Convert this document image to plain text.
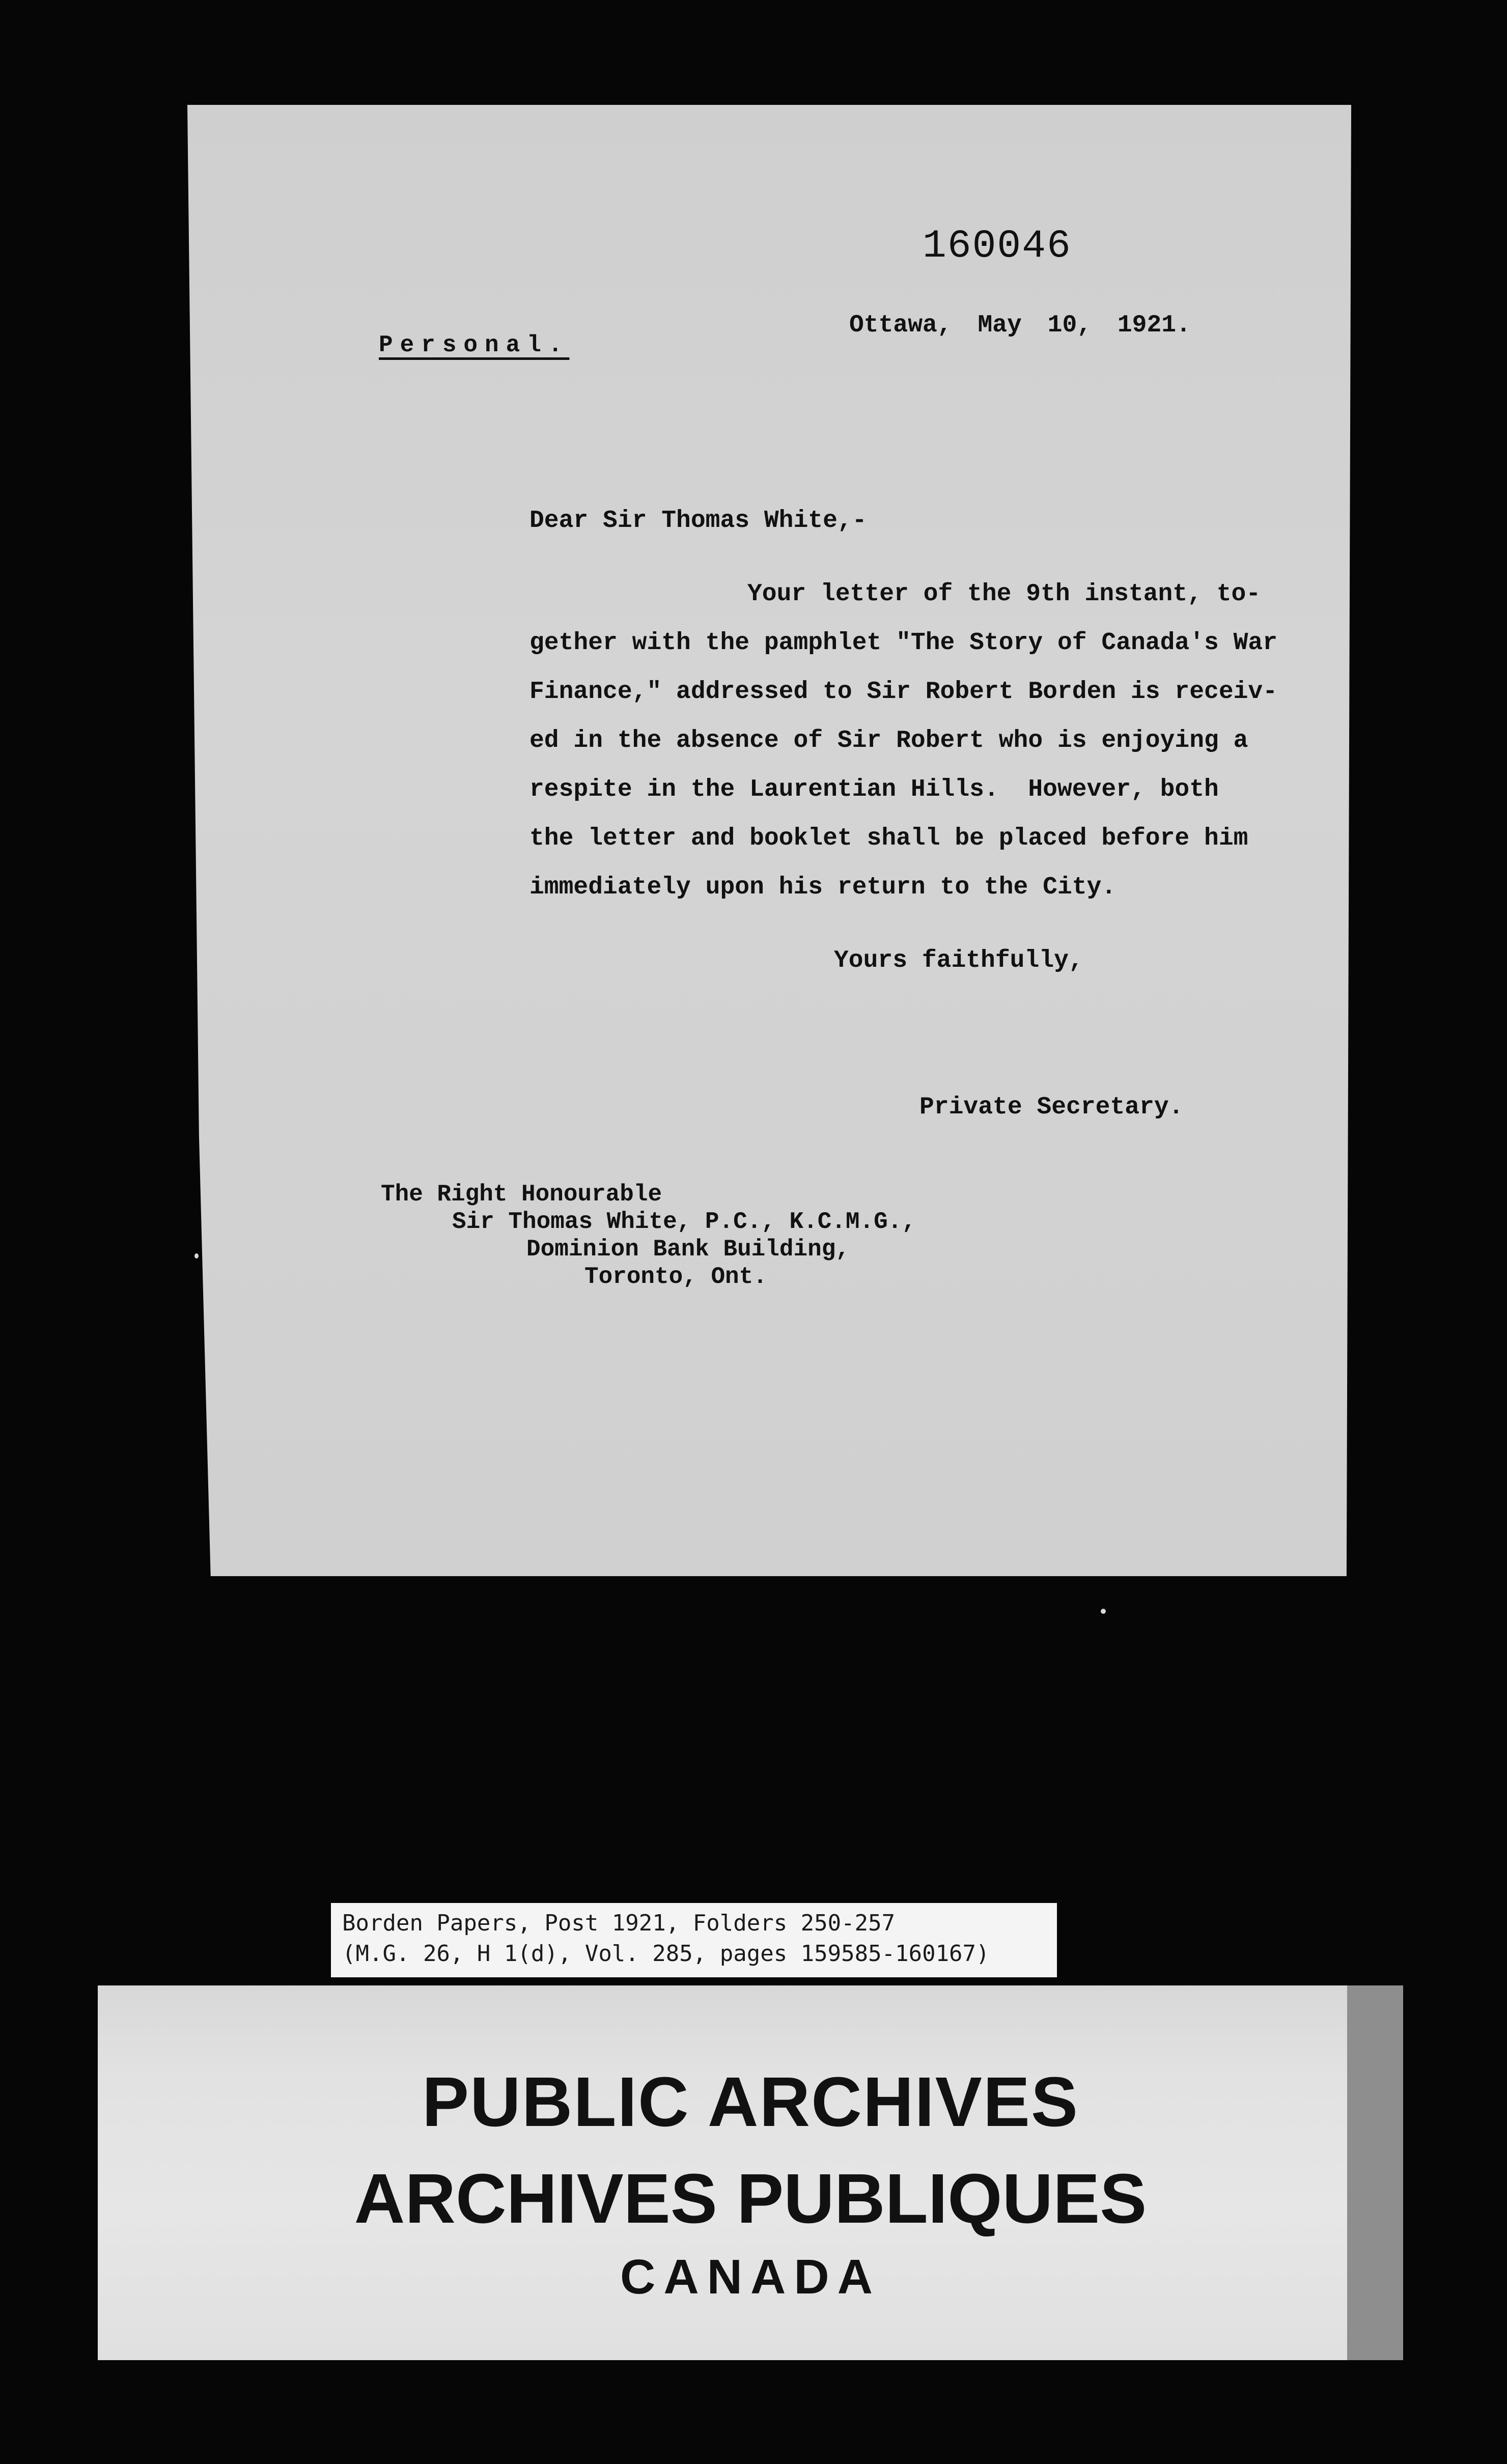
160046
Personal.
Ottawa, May 10, 1921.
Dear Sir Thomas White,-
Your letter of the 9th instant, to-
gether with the pamphlet "The Story of Canada's War
Finance," addressed to Sir Robert Borden is receiv-
ed in the absence of Sir Robert who is enjoying a
respite in the Laurentian Hills.  However, both
the letter and booklet shall be placed before him
immediately upon his return to the City.
Yours faithfully,
Private Secretary.
The Right Honourable
Sir Thomas White, P.C., K.C.M.G.,
Dominion Bank Building,
Toronto, Ont.
Borden Papers, Post 1921, Folders 250-257
(M.G. 26, H 1(d), Vol. 285, pages 159585-160167)
PUBLIC ARCHIVES
ARCHIVES PUBLIQUES
CANADA
